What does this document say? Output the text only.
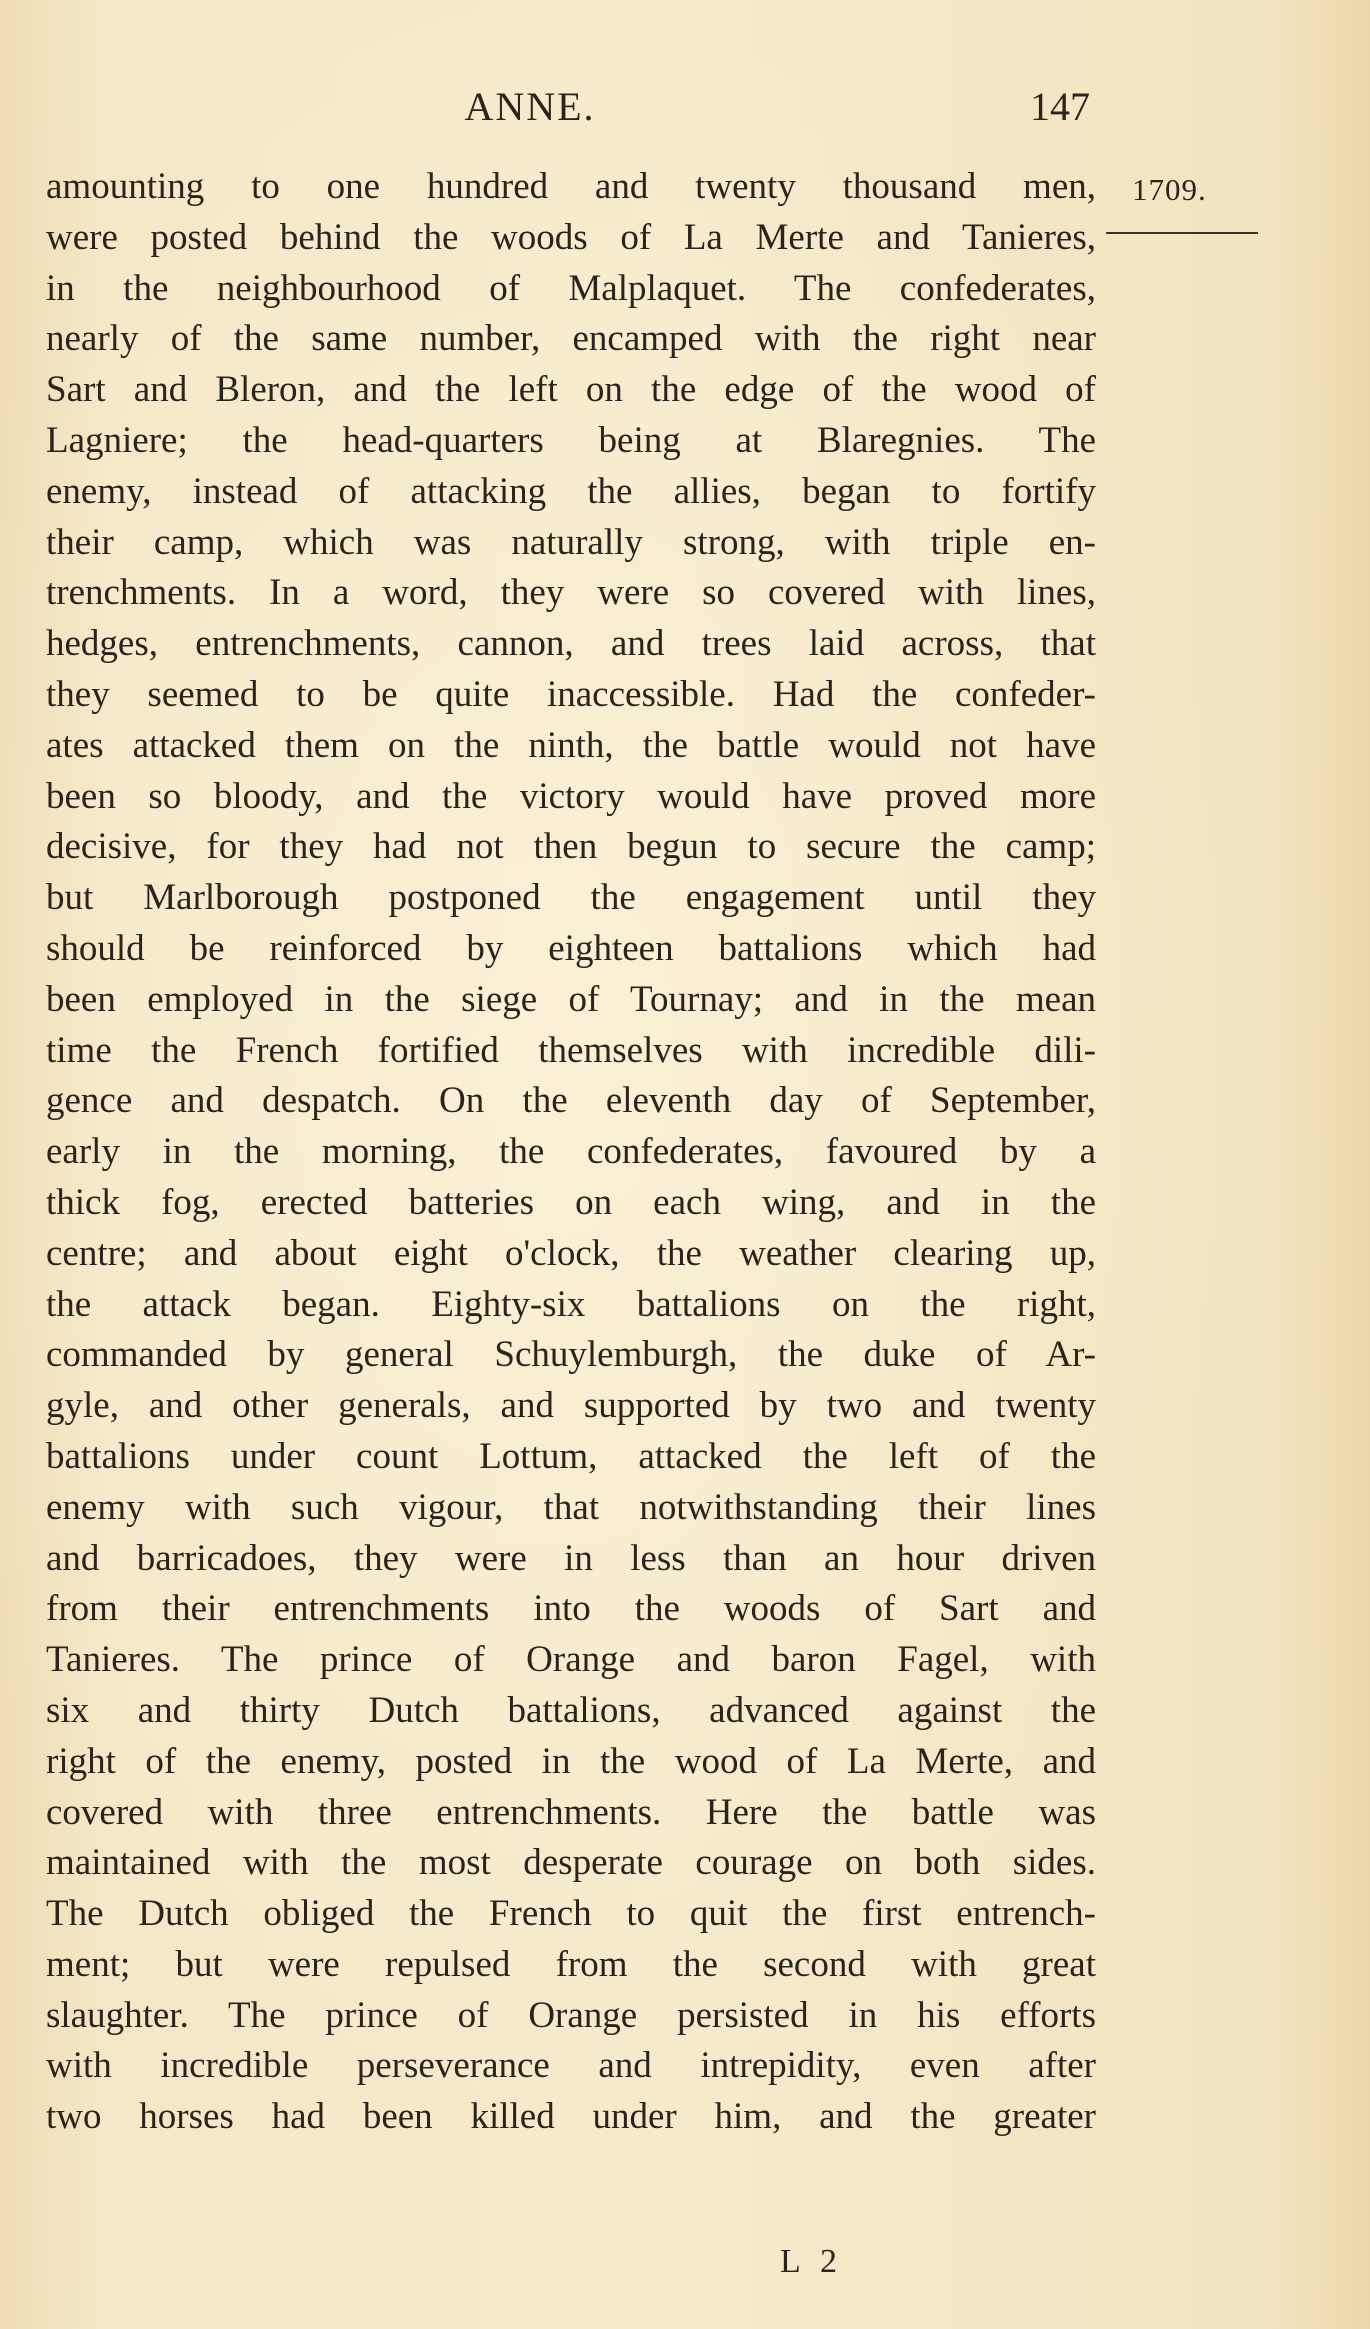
ANNE.	147
1709.
amounting to one hundred and twenty thousand men,
were posted behind the woods of La Merte and Tanieres,
in the neighbourhood of Malplaquet. The confederates,
nearly of the same number, encamped with the right near
Sart and Bleron, and the left on the edge of the wood of
Lagniere; the head-quarters being at Blaregnies. The
enemy, instead of attacking the allies, began to fortify
their camp, which was naturally strong, with triple en-
trenchments. In a word, they were so covered with lines,
hedges, entrenchments, cannon, and trees laid across, that
they seemed to be quite inaccessible. Had the confeder-
ates attacked them on the ninth, the battle would not have
been so bloody, and the victory would have proved more
decisive, for they had not then begun to secure the camp;
but Marlborough postponed the engagement until they
should be reinforced by eighteen battalions which had
been employed in the siege of Tournay; and in the mean
time the French fortified themselves with incredible dili-
gence and despatch. On the eleventh day of September,
early in the morning, the confederates, favoured by a
thick fog, erected batteries on each wing, and in the
centre; and about eight o'clock, the weather clearing up,
the attack began. Eighty-six battalions on the right,
commanded by general Schuylemburgh, the duke of Ar-
gyle, and other generals, and supported by two and twenty
battalions under count Lottum, attacked the left of the
enemy with such vigour, that notwithstanding their lines
and barricadoes, they were in less than an hour driven
from their entrenchments into the woods of Sart and
Tanieres. The prince of Orange and baron Fagel, with
six and thirty Dutch battalions, advanced against the
right of the enemy, posted in the wood of La Merte, and
covered with three entrenchments. Here the battle was
maintained with the most desperate courage on both sides.
The Dutch obliged the French to quit the first entrench-
ment; but were repulsed from the second with great
slaughter. The prince of Orange persisted in his efforts
with incredible perseverance and intrepidity, even after
two horses had been killed under him, and the greater
L 2
